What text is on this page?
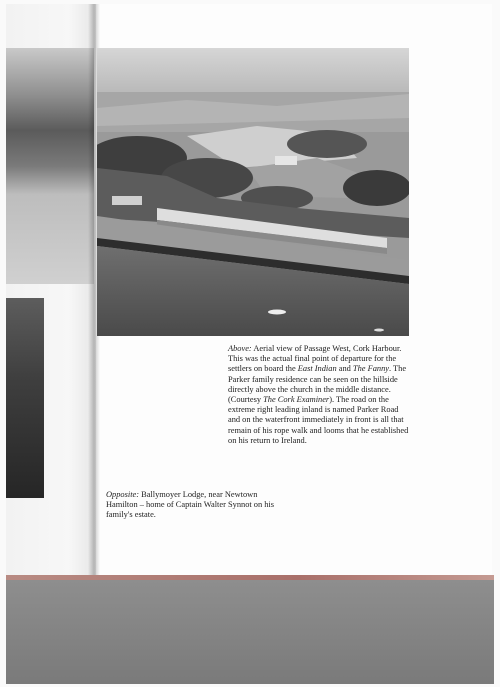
Above: Aerial view of Passage West, Cork Harbour. This was the actual final point of departure for the settlers on board the East Indian and The Fanny. The Parker family residence can be seen on the hillside directly above the church in the middle distance. (Courtesy The Cork Examiner). The road on the extreme right leading inland is named Parker Road and on the waterfront immediately in front is all that remain of his rope walk and looms that he established on his return to Ireland.

Opposite: Ballymoyer Lodge, near Newtown Hamilton – home of Captain Walter Synnot on his family's estate.
